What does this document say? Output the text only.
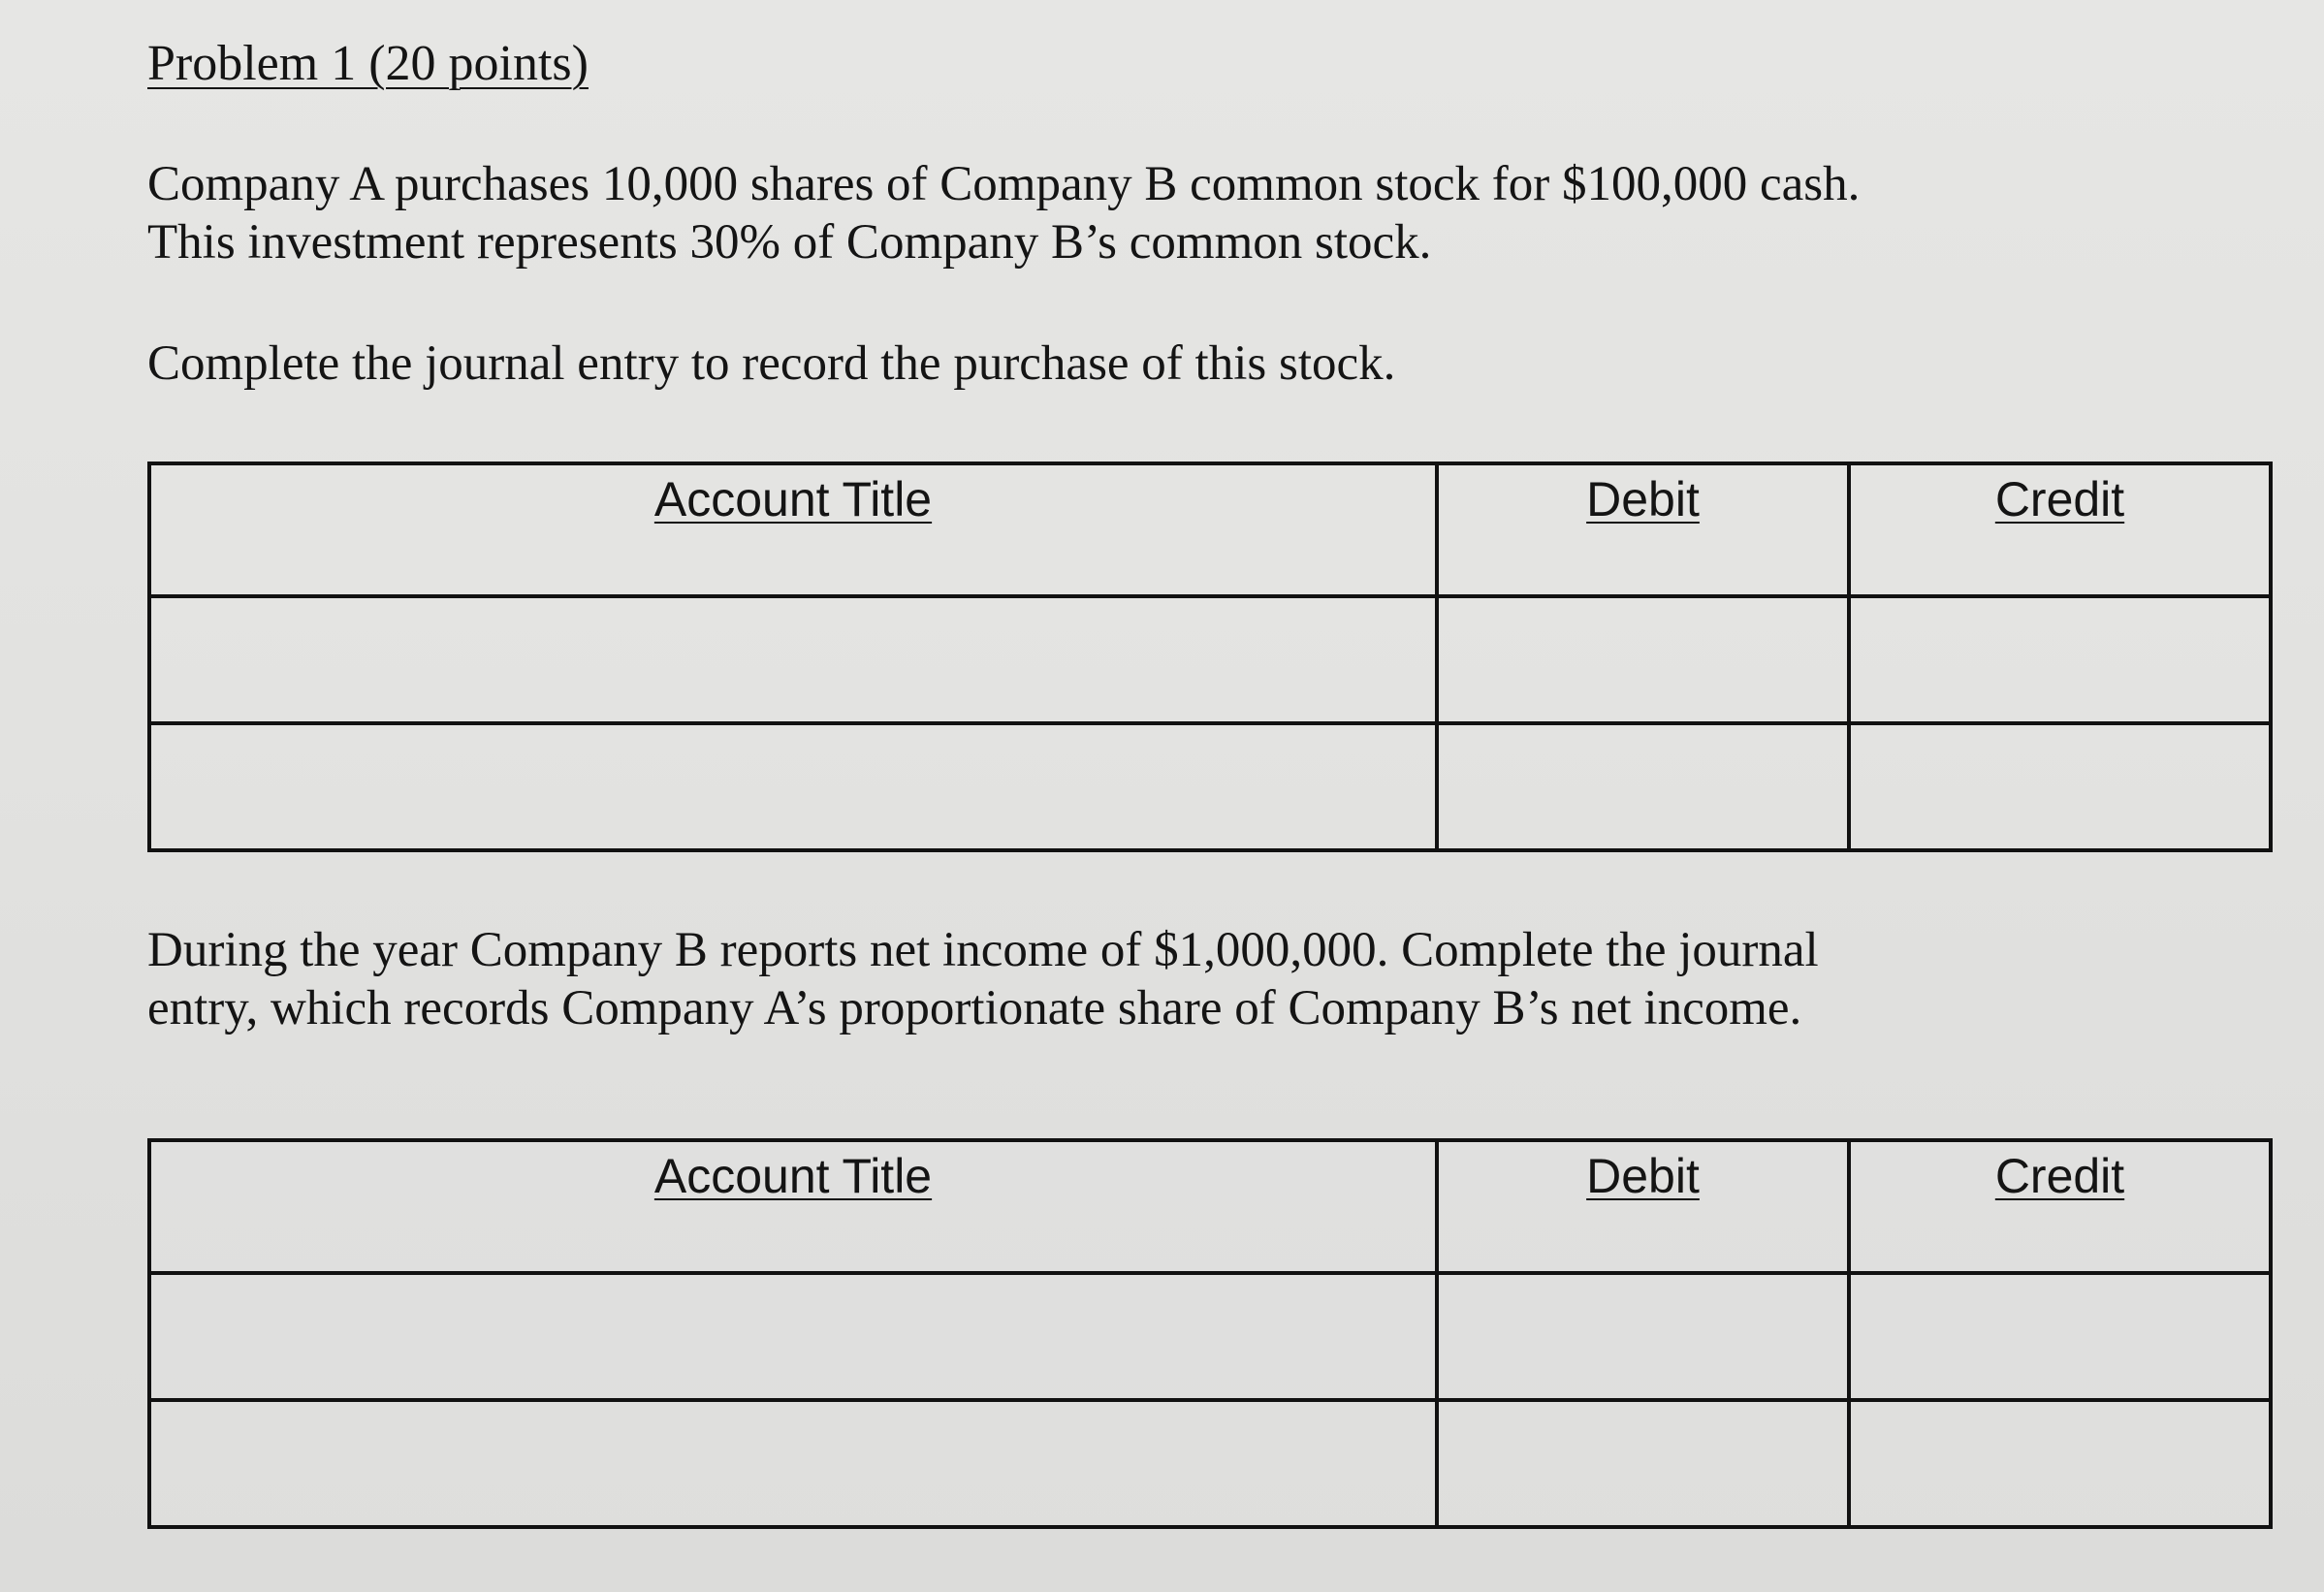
Problem 1 (20 points)

Company A purchases 10,000 shares of Company B common stock for $100,000 cash.
This investment represents 30% of Company B’s common stock.

Complete the journal entry to record the purchase of this stock.

Account Title	Debit	Credit

During the year Company B reports net income of $1,000,000. Complete the journal
entry, which records Company A’s proportionate share of Company B’s net income.

Account Title	Debit	Credit
